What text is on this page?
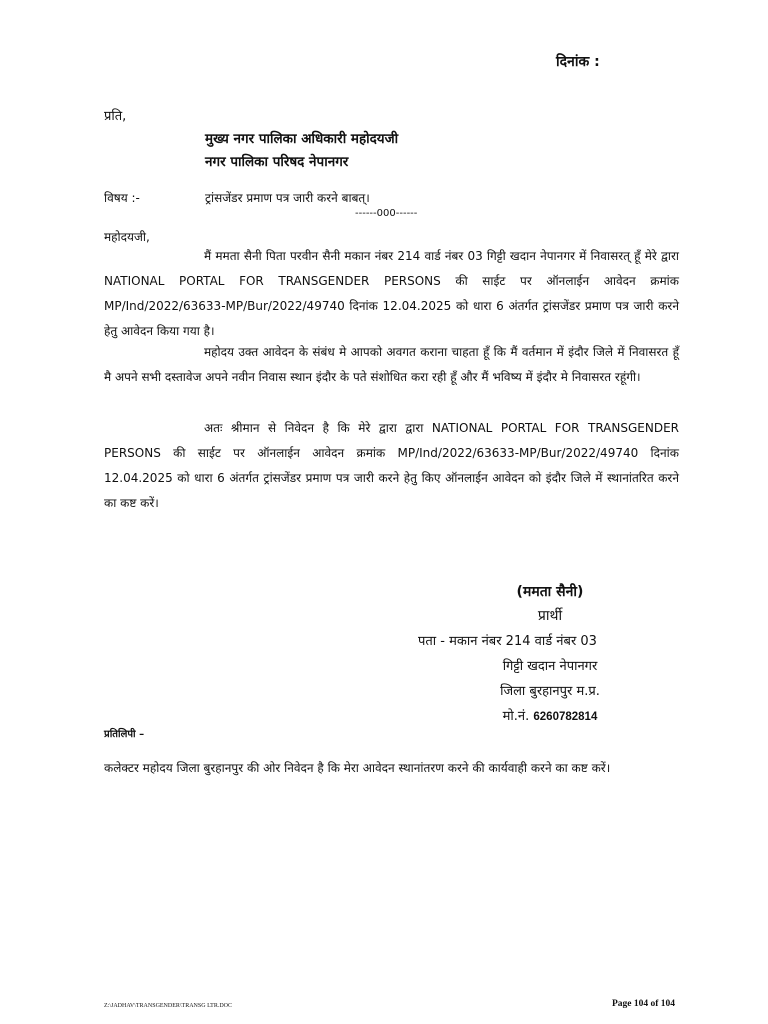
दिनांक :
प्रति,
मुख्य नगर पालिका अधिकारी महोदयजी
नगर पालिका परिषद नेपानगर
विषय :-	ट्रांसजेंडर प्रमाण पत्र जारी करने बाबत्।
------000------
महोदयजी,

मैं ममता सैनी पिता परवीन सैनी मकान नंबर 214 वार्ड नंबर 03 गिट्टी खदान नेपानगर में निवासरत् हूँ मेरे द्वारा NATIONAL PORTAL FOR TRANSGENDER PERSONS की साईट पर ऑनलाईन आवेदन क्रमांक MP/Ind/2022/63633-MP/Bur/2022/49740 दिनांक 12.04.2025 को धारा 6 अंतर्गत ट्रांसजेंडर प्रमाण पत्र जारी करने हेतु आवेदन किया गया है।

महोदय उक्त आवेदन के संबंध मे आपको अवगत कराना चाहता हूँ कि मैं वर्तमान में इंदौर जिले में निवासरत हूँ मै अपने सभी दस्तावेज अपने नवीन निवास स्थान इंदौर के पते संशोधित करा रही हूँ और मैं भविष्य में इंदौर मे निवासरत रहूंगी।

अतः श्रीमान से निवेदन है कि मेरे द्वारा द्वारा NATIONAL PORTAL FOR TRANSGENDER PERSONS की साईट पर ऑनलाईन आवेदन क्रमांक MP/Ind/2022/63633-MP/Bur/2022/49740 दिनांक 12.04.2025 को धारा 6 अंतर्गत ट्रांसजेंडर प्रमाण पत्र जारी करने हेतु किए ऑनलाईन आवेदन को इंदौर जिले में स्थानांतरित करने का कष्ट करें।

(ममता सैनी)
प्रार्थी
पता - मकान नंबर 214 वार्ड नंबर 03
गिट्टी खदान नेपानगर
जिला बुरहानपुर म.प्र.
मो.नं. 6260782814
प्रतिलिपी –

कलेक्टर महोदय जिला बुरहानपुर की ओर निवेदन है कि मेरा आवेदन स्थानांतरण करने की कार्यवाही करने का कष्ट करें।

Z:\JADHAV\TRANSGENDER\TRANSG LTR.DOC	Page 104 of 104
